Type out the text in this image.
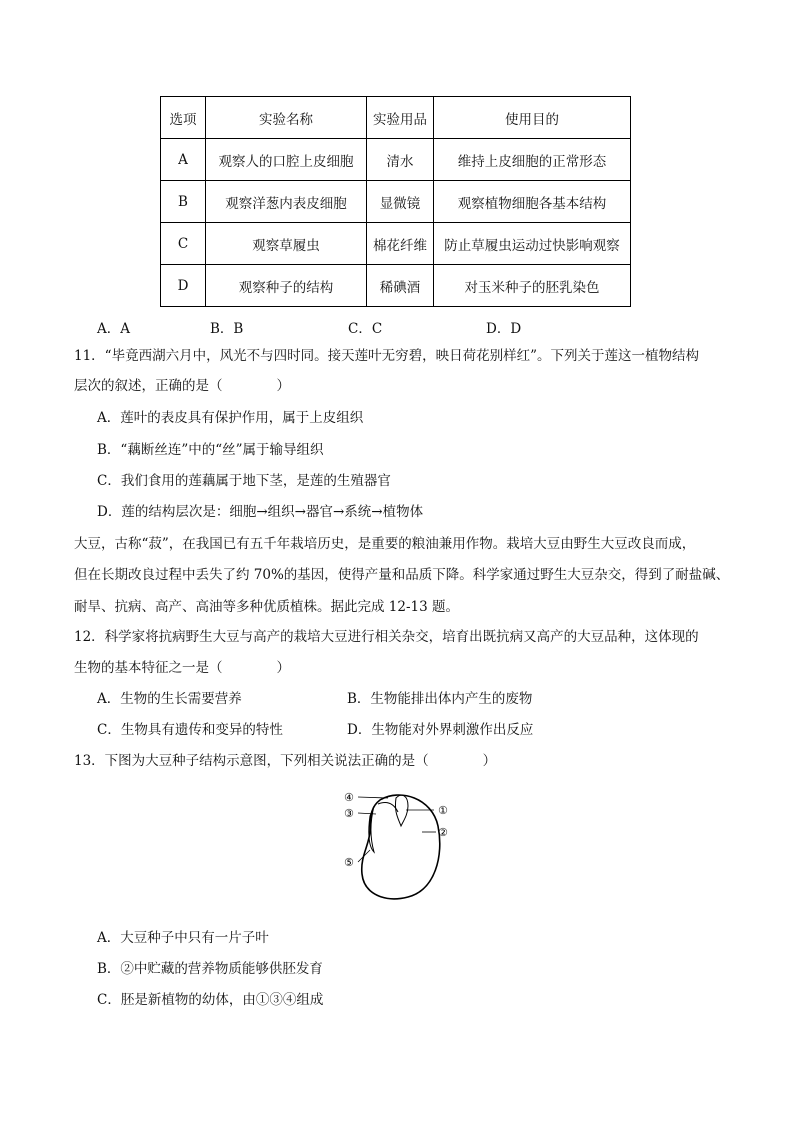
选项	实验名称	实验用品	使用目的
A	观察人的口腔上皮细胞	清水	维持上皮细胞的正常形态
B	观察洋葱内表皮细胞	显微镜	观察植物细胞各基本结构
C	观察草履虫	棉花纤维	防止草履虫运动过快影响观察
D	观察种子的结构	稀碘酒	对玉米种子的胚乳染色
A．A	B．B	C．C	D．D
11．“毕竟西湖六月中，风光不与四时同。接天莲叶无穷碧，映日荷花别样红”。下列关于莲这一植物结构
层次的叙述，正确的是（　　　　）
A．莲叶的表皮具有保护作用，属于上皮组织
B．“藕断丝连”中的“丝”属于输导组织
C．我们食用的莲藕属于地下茎，是莲的生殖器官
D．莲的结构层次是：细胞→组织→器官→系统→植物体
大豆，古称“菽”，在我国已有五千年栽培历史，是重要的粮油兼用作物。栽培大豆由野生大豆改良而成，
但在长期改良过程中丢失了约 70%的基因，使得产量和品质下降。科学家通过野生大豆杂交，得到了耐盐碱、
耐旱、抗病、高产、高油等多种优质植株。据此完成 12-13 题。
12．科学家将抗病野生大豆与高产的栽培大豆进行相关杂交，培育出既抗病又高产的大豆品种，这体现的
生物的基本特征之一是（　　　　）
A．生物的生长需要营养	B．生物能排出体内产生的废物
C．生物具有遗传和变异的特性	D．生物能对外界刺激作出反应
13．下图为大豆种子结构示意图，下列相关说法正确的是（　　　　）
④
③	①
②
⑤
A．大豆种子中只有一片子叶
B．②中贮藏的营养物质能够供胚发育
C．胚是新植物的幼体，由①③④组成
